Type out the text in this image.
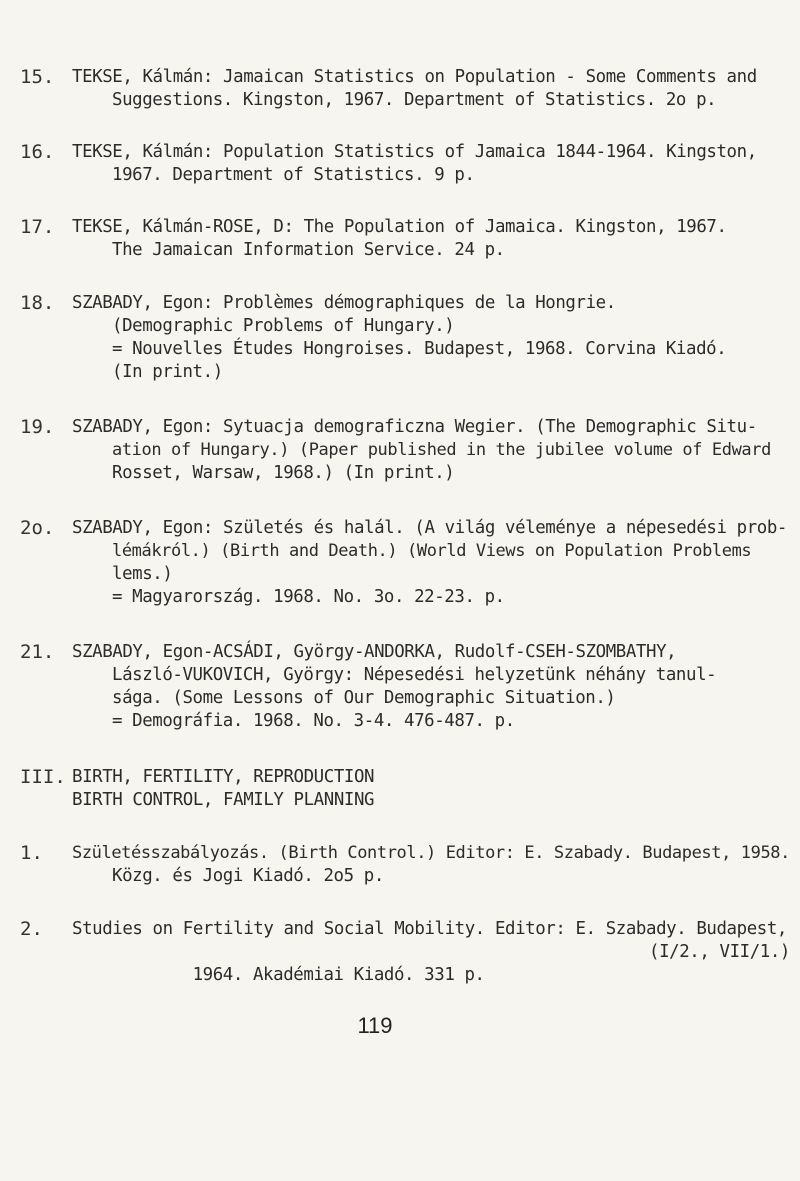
15.	TEKSE, Kálmán: Jamaican Statistics on Population - Some Comments and
Suggestions. Kingston, 1967. Department of Statistics. 2o p.
16.	TEKSE, Kálmán: Population Statistics of Jamaica 1844-1964. Kingston,
1967. Department of Statistics. 9 p.
17.	TEKSE, Kálmán-ROSE, D: The Population of Jamaica. Kingston, 1967.
The Jamaican Information Service. 24 p.
18.	SZABADY, Egon: Problèmes démographiques de la Hongrie.
(Demographic Problems of Hungary.)
= Nouvelles Études Hongroises. Budapest, 1968. Corvina Kiadó.
(In print.)
19.	SZABADY, Egon: Sytuacja demograficzna Wegier. (The Demographic Situ-
ation of Hungary.) (Paper published in the jubilee volume of Edward
Rosset, Warsaw, 1968.) (In print.)
2o.	SZABADY, Egon: Születés és halál. (A világ véleménye a népesedési prob-
lémákról.) (Birth and Death.) (World Views on Population Problems
lems.)
= Magyarország. 1968. No. 3o. 22-23. p.
21.	SZABADY, Egon-ACSÁDI, György-ANDORKA, Rudolf-CSEH-SZOMBATHY,
László-VUKOVICH, György: Népesedési helyzetünk néhány tanul-
sága. (Some Lessons of Our Demographic Situation.)
= Demográfia. 1968. No. 3-4. 476-487. p.
III. BIRTH, FERTILITY, REPRODUCTION
BIRTH CONTROL, FAMILY PLANNING
1.	Születésszabályozás. (Birth Control.) Editor: E. Szabady. Budapest, 1958.
Közg. és Jogi Kiadó. 2o5 p.
2.	Studies on Fertility and Social Mobility. Editor: E. Szabady. Budapest,

1964. Akadémiai Kiadó. 331 p.

(I/2., VII/1.)

119
